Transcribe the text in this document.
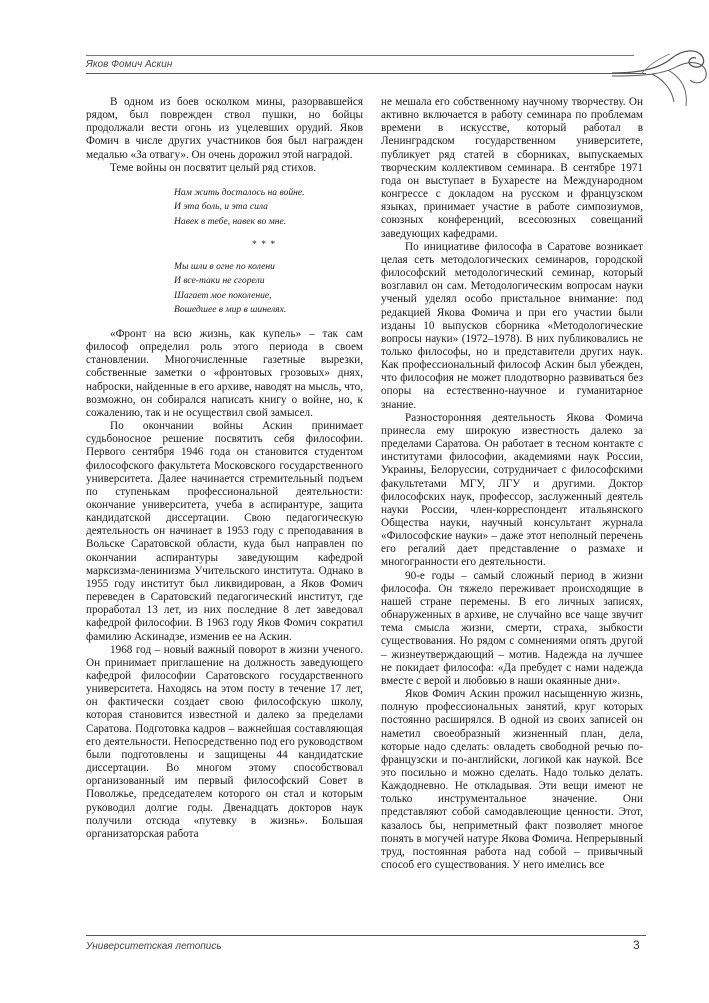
Яков Фомич Аскин

В одном из боев осколком мины, разорвавшейся рядом, был поврежден ствол пушки, но бойцы продолжали вести огонь из уцелевших орудий. Яков Фомич в числе других участников боя был награжден медалью «За отвагу». Он очень дорожил этой наградой.

Теме войны он посвятит целый ряд стихов.

Нам жить досталось на войне.
И эта боль, и эта сила
Навек в тебе, навек во мне.
* * *
Мы шли в огне по колени
И все-таки не сгорели
Шагает мое поколение,
Вошедшее в мир в шинелях.

«Фронт на всю жизнь, как купель» – так сам философ определил роль этого периода в своем становлении. Многочисленные газетные вырезки, собственные заметки о «фронтовых грозовых» днях, наброски, найденные в его архиве, наводят на мысль, что, возможно, он собирался написать книгу о войне, но, к сожалению, так и не осуществил свой замысел.

По окончании войны Аскин принимает судьбоносное решение посвятить себя философии. Первого сентября 1946 года он становится студентом философского факультета Московского государственного университета. Далее начинается стремительный подъем по ступенькам профессиональной деятельности: окончание университета, учеба в аспирантуре, защита кандидатской диссертации. Свою педагогическую деятельность он начинает в 1953 году с преподавания в Вольске Саратовской области, куда был направлен по окончании аспирантуры заведующим кафедрой марксизма-ленинизма Учительского института. Однако в 1955 году институт был ликвидирован, а Яков Фомич переведен в Саратовский педагогический институт, где проработал 13 лет, из них последние 8 лет заведовал кафедрой философии. В 1963 году Яков Фомич сократил фамилию Аскинадзе, изменив ее на Аскин.

1968 год – новый важный поворот в жизни ученого. Он принимает приглашение на должность заведующего кафедрой философии Саратовского государственного университета. Находясь на этом посту в течение 17 лет, он фактически создает свою философскую школу, которая становится известной и далеко за пределами Саратова. Подготовка кадров – важнейшая составляющая его деятельности. Непосредственно под его руководством были подготовлены и защищены 44 кандидатские диссертации. Во многом этому способствовал организованный им первый философский Совет в Поволжье, председателем которого он стал и которым руководил долгие годы. Двенадцать докторов наук получили отсюда «путевку в жизнь». Большая организаторская работа

не мешала его собственному научному творчеству. Он активно включается в работу семинара по проблемам времени в искусстве, который работал в Ленинградском государственном университете, публикует ряд статей в сборниках, выпускаемых творческим коллективом семинара. В сентябре 1971 года он выступает в Бухаресте на Международном конгрессе с докладом на русском и французском языках, принимает участие в работе симпозиумов, союзных конференций, всесоюзных совещаний заведующих кафедрами.

По инициативе философа в Саратове возникает целая сеть методологических семинаров, городской философский методологический семинар, который возглавил он сам. Методологическим вопросам науки ученый уделял особо пристальное внимание: под редакцией Якова Фомича и при его участии были изданы 10 выпусков сборника «Методологические вопросы науки» (1972–1978). В них публиковались не только философы, но и представители других наук. Как профессиональный философ Аскин был убежден, что философия не может плодотворно развиваться без опоры на естественно-научное и гуманитарное знание.

Разносторонняя деятельность Якова Фомича принесла ему широкую известность далеко за пределами Саратова. Он работает в тесном контакте с институтами философии, академиями наук России, Украины, Белоруссии, сотрудничает с философскими факультетами МГУ, ЛГУ и другими. Доктор философских наук, профессор, заслуженный деятель науки России, член-корреспондент итальянского Общества науки, научный консультант журнала «Философские науки» – даже этот неполный перечень его регалий дает представление о размахе и многогранности его деятельности.

90-е годы – самый сложный период в жизни философа. Он тяжело переживает происходящие в нашей стране перемены. В его личных записях, обнаруженных в архиве, не случайно все чаще звучит тема смысла жизни, смерти, страха, зыбкости существования. Но рядом с сомнениями опять другой – жизнеутверждающий – мотив. Надежда на лучшее не покидает философа: «Да пребудет с нами надежда вместе с верой и любовью в наши окаянные дни».

Яков Фомич Аскин прожил насыщенную жизнь, полную профессиональных занятий, круг которых постоянно расширялся. В одной из своих записей он наметил своеобразный жизненный план, дела, которые надо сделать: овладеть свободной речью по-французски и по-английски, логикой как наукой. Все это посильно и можно сделать. Надо только делать. Каждодневно. Не откладывая. Эти вещи имеют не только инструментальное значение. Они представляют собой самодавлеющие ценности. Этот, казалось бы, неприметный факт позволяет многое понять в могучей натуре Якова Фомича. Непрерывный труд, постоянная работа над собой – привычный способ его существования. У него имелись все

Университетская летопись	3
